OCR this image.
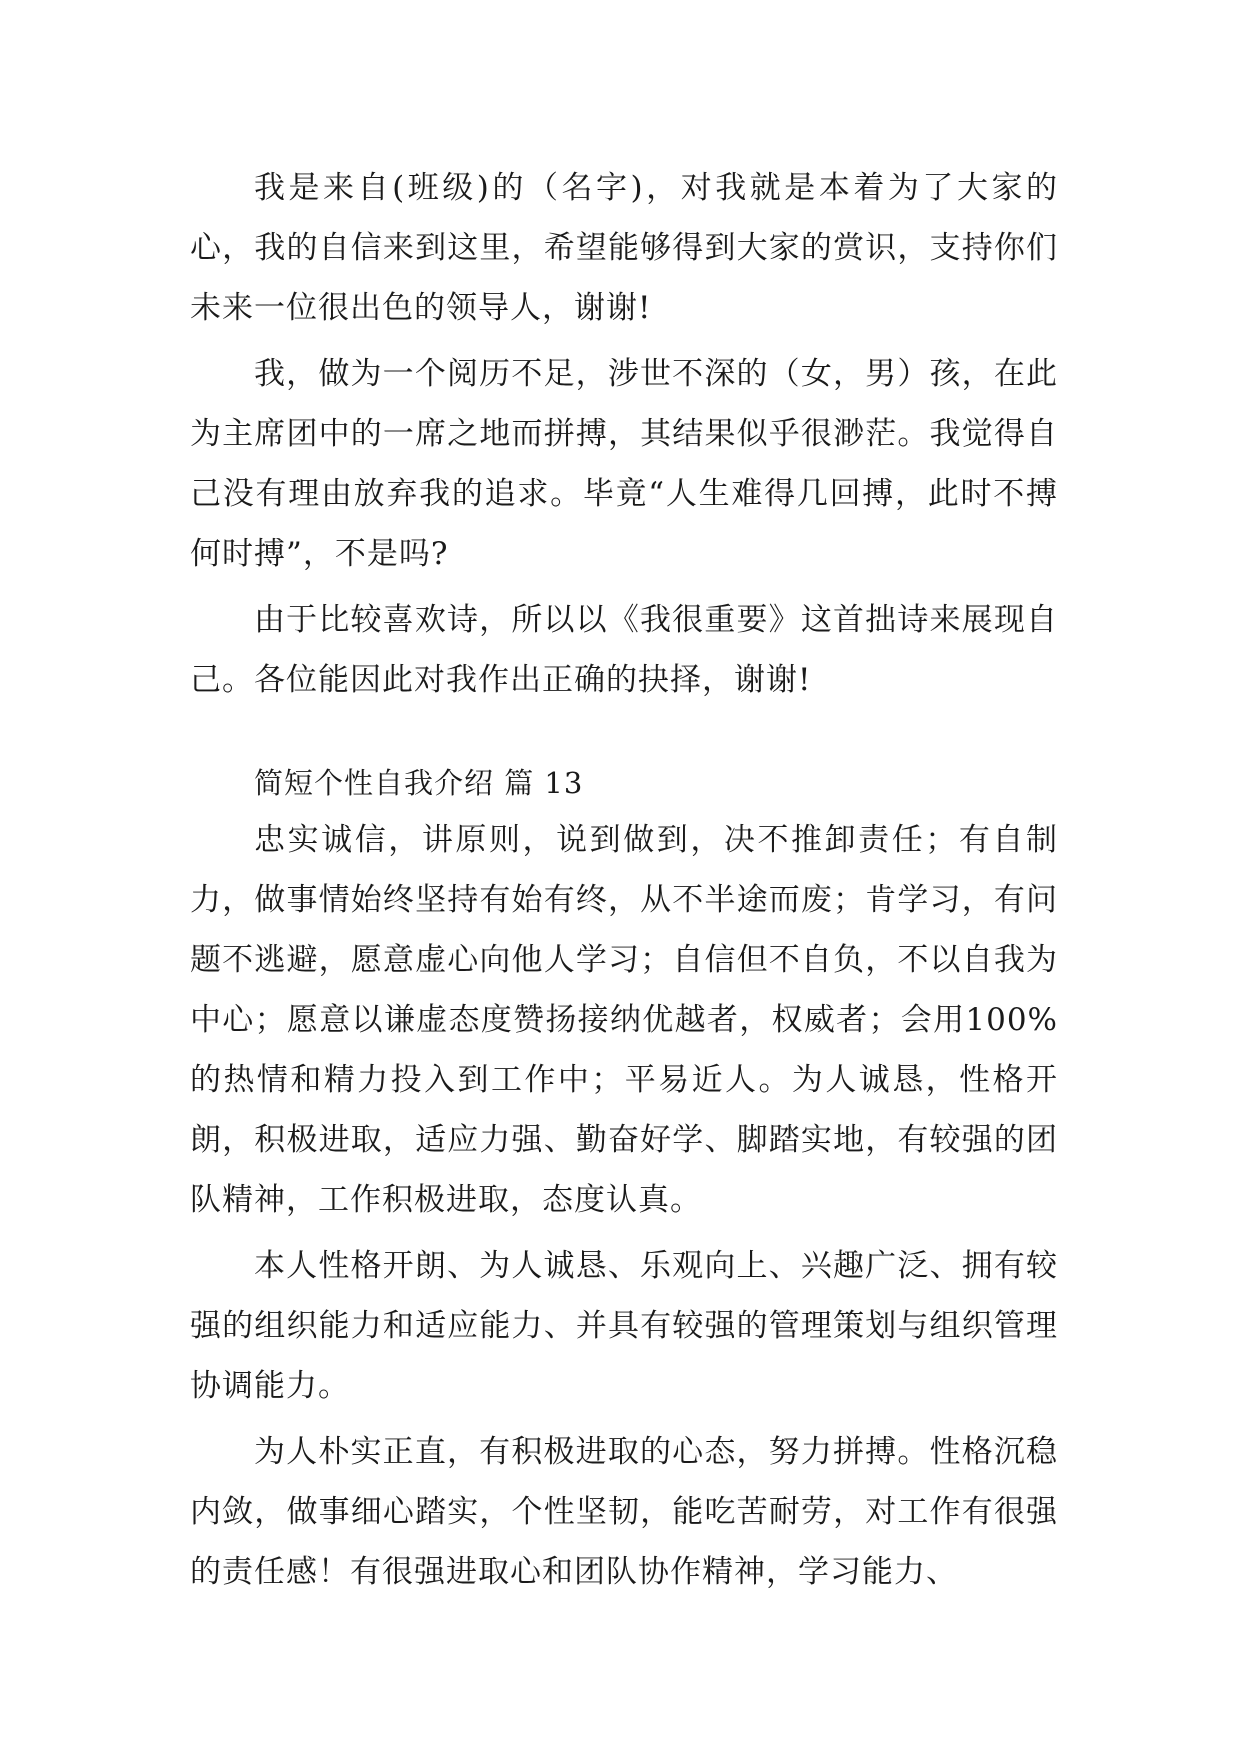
我是来自(班级)的（名字)，对我就是本着为了大家的心，我的自信来到这里，希望能够得到大家的赏识，支持你们未来一位很出色的领导人，谢谢!

我，做为一个阅历不足，涉世不深的（女，男）孩，在此为主席团中的一席之地而拼搏，其结果似乎很渺茫。我觉得自己没有理由放弃我的追求。毕竟“人生难得几回搏，此时不搏何时搏”，不是吗?

由于比较喜欢诗，所以以《我很重要》这首拙诗来展现自己。各位能因此对我作出正确的抉择，谢谢!

简短个性自我介绍 篇 13

忠实诚信，讲原则，说到做到，决不推卸责任；有自制力，做事情始终坚持有始有终，从不半途而废；肯学习，有问题不逃避，愿意虚心向他人学习；自信但不自负，不以自我为中心；愿意以谦虚态度赞扬接纳优越者，权威者；会用100%的热情和精力投入到工作中；平易近人。为人诚恳，性格开朗，积极进取，适应力强、勤奋好学、脚踏实地，有较强的团队精神，工作积极进取，态度认真。

本人性格开朗、为人诚恳、乐观向上、兴趣广泛、拥有较强的组织能力和适应能力、并具有较强的管理策划与组织管理协调能力。

为人朴实正直，有积极进取的心态，努力拼搏。性格沉稳内敛，做事细心踏实，个性坚韧，能吃苦耐劳，对工作有很强的责任感！有很强进取心和团队协作精神，学习能力、
